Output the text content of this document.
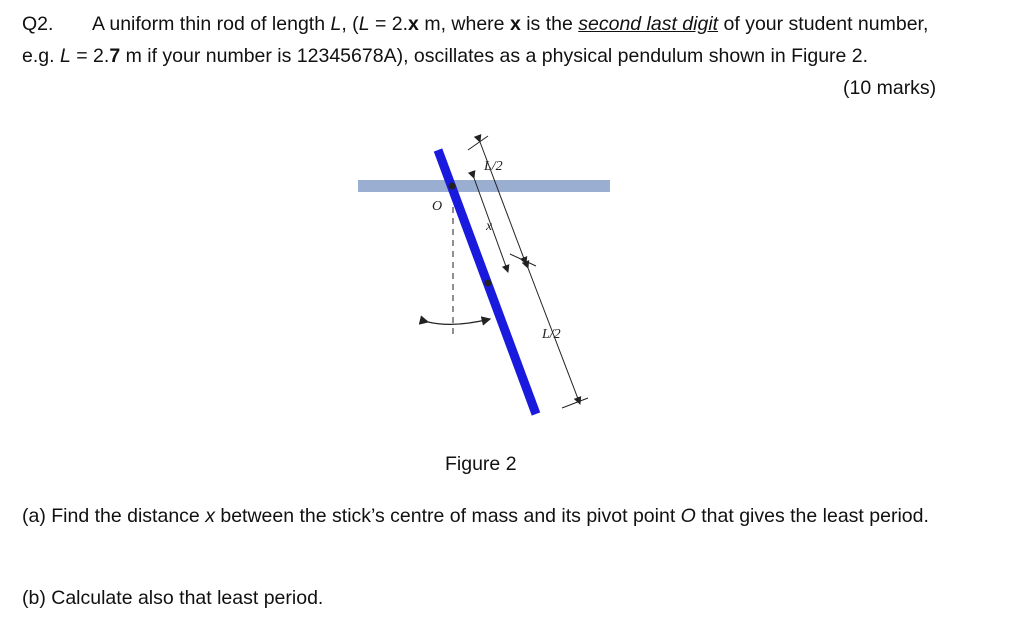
Q2. A uniform thin rod of length L, (L = 2.x m, where x is the second last digit of your student number, e.g. L = 2.7 m if your number is 12345678A), oscillates as a physical pendulum shown in Figure 2.
(10 marks)
L/2
O
x
L/2
Figure 2
(a) Find the distance x between the stick’s centre of mass and its pivot point O that gives the least period.
(b) Calculate also that least period.
